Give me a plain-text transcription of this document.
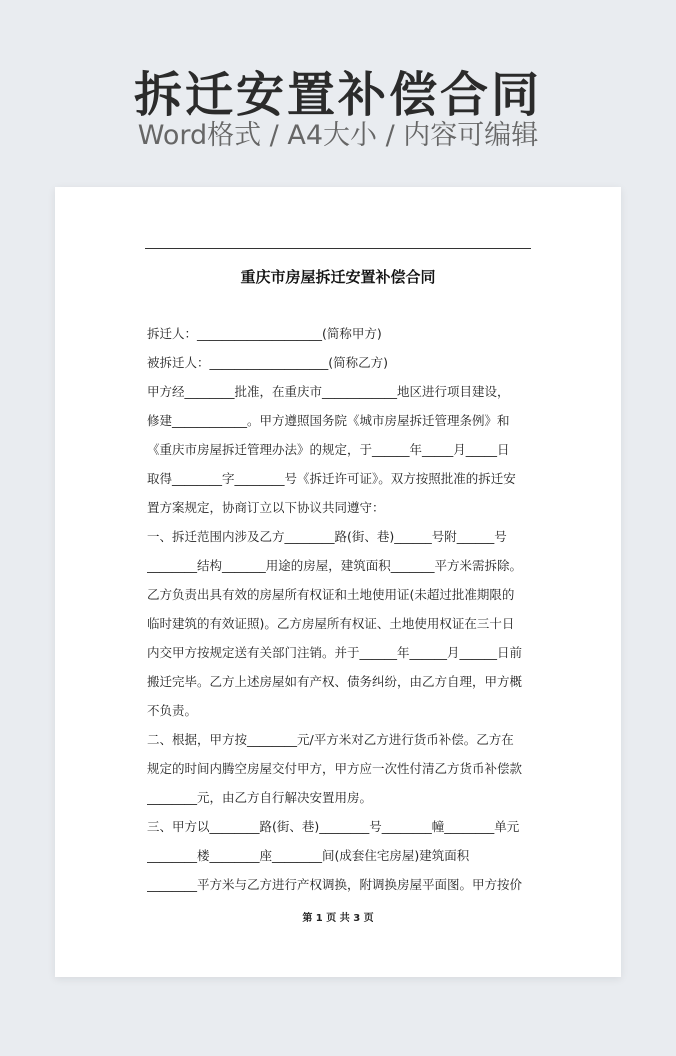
拆迁安置补偿合同
Word格式 / A4大小 / 内容可编辑
重庆市房屋拆迁安置补偿合同
拆迁人：____________________(简称甲方)
被拆迁人：___________________(简称乙方)
甲方经________批准，在重庆市____________地区进行项目建设，
修建____________。甲方遵照国务院《城市房屋拆迁管理条例》和
《重庆市房屋拆迁管理办法》的规定，于______年_____月_____日
取得________字________号《拆迁许可证》。双方按照批准的拆迁安
置方案规定，协商订立以下协议共同遵守：
一、拆迁范围内涉及乙方________路(街、巷)______号附______号
________结构_______用途的房屋，建筑面积_______平方米需拆除。
乙方负责出具有效的房屋所有权证和土地使用证(未超过批准期限的
临时建筑的有效证照)。乙方房屋所有权证、土地使用权证在三十日
内交甲方按规定送有关部门注销。并于______年______月______日前
搬迁完毕。乙方上述房屋如有产权、债务纠纷，由乙方自理，甲方概
不负责。
二、根据，甲方按________元/平方米对乙方进行货币补偿。乙方在
规定的时间内腾空房屋交付甲方，甲方应一次性付清乙方货币补偿款
________元，由乙方自行解决安置用房。
三、甲方以________路(街、巷)________号________幢________单元
________楼________座________间(成套住宅房屋)建筑面积
________平方米与乙方进行产权调换，附调换房屋平面图。甲方按价
第 1 页 共 3 页
